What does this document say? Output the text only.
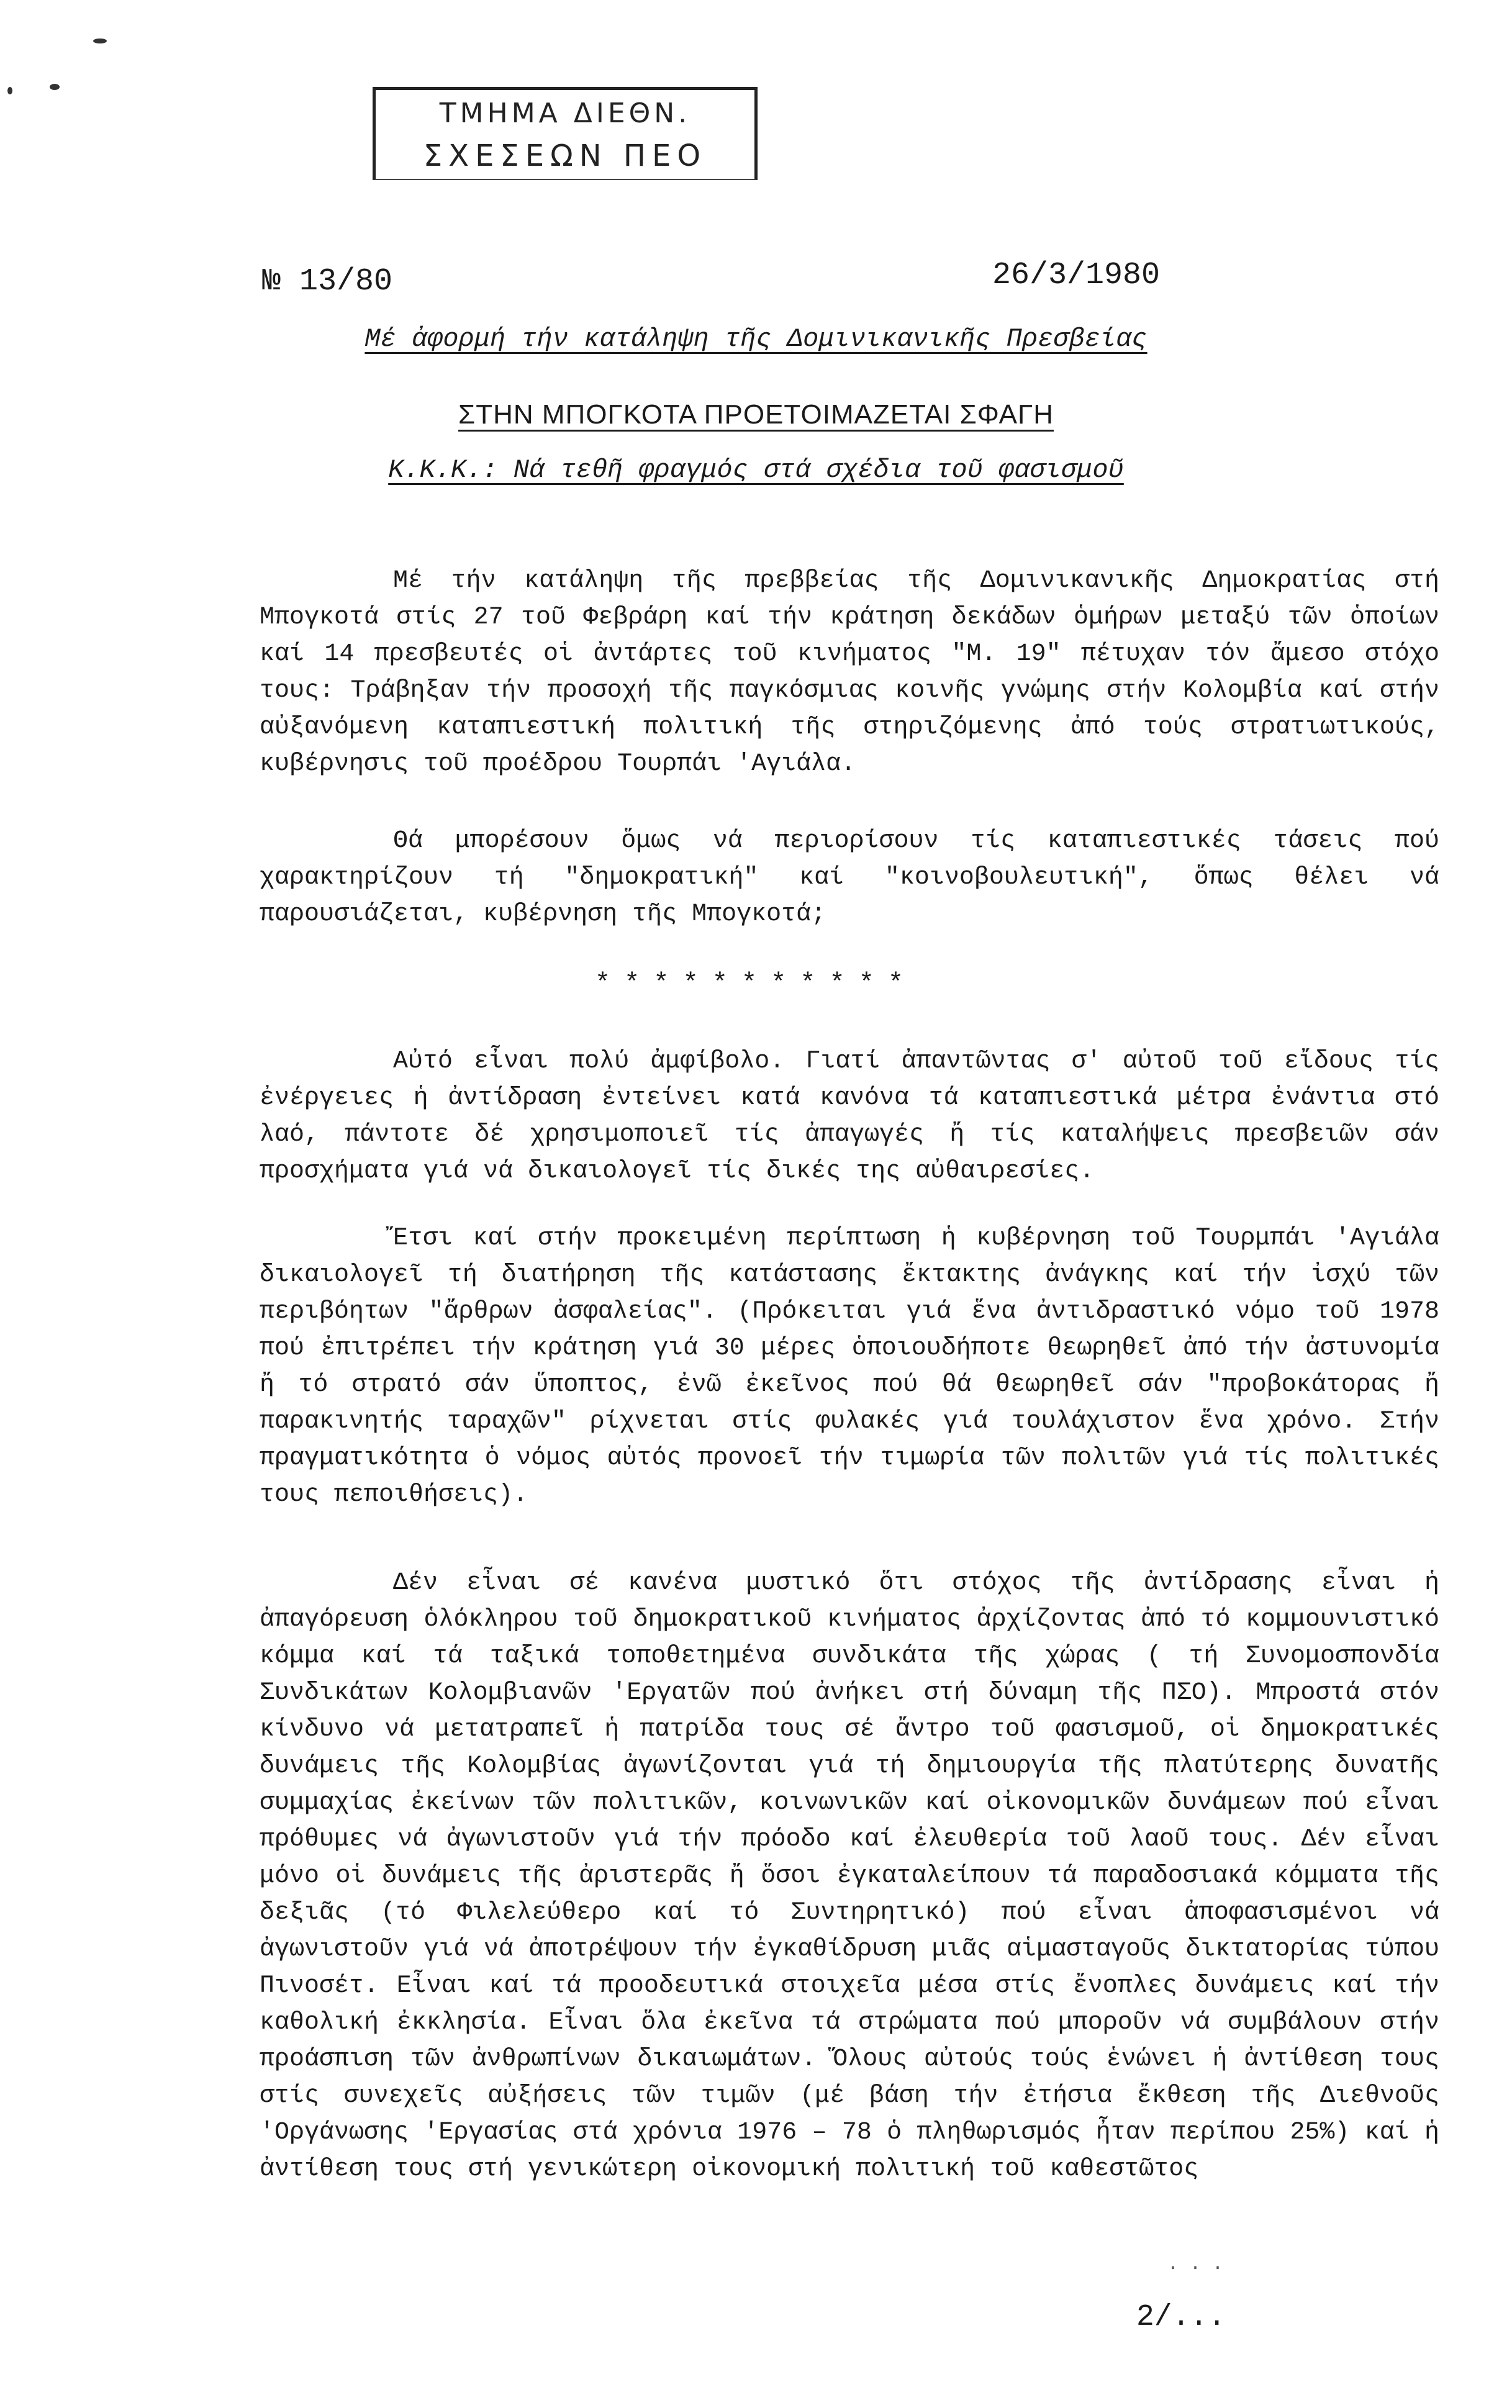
ΤΜΗΜΑ ΔΙΕΘΝ.
ΣΧΕΣΕΩΝ ΠΕΟ
№ 13/80	26/3/1980
Μέ ἀφορμή τήν κατάληψη τῆς Δομινικανικῆς Πρεσβείας
ΣΤΗΝ ΜΠΟΓΚΟΤΑ ΠΡΟΕΤΟΙΜΑΖΕΤΑΙ ΣΦΑΓΗ
Κ.Κ.Κ.: Νά τεθῆ φραγμός στά σχέδια τοῦ φασισμοῦ

Μέ τήν κατάληψη τῆς πρεββείας τῆς Δομινικανικῆς Δημοκρατίας στή Μπογκοτά στίς 27 τοῦ Φεβράρη καί τήν κράτηση δεκάδων ὁμήρων μεταξύ τῶν ὁποίων καί 14 πρεσβευτές οἱ ἀντάρτες τοῦ κινήματος "Μ. 19" πέτυχαν τόν ἄμεσο στόχο τους: Τράβηξαν τήν προσοχή τῆς παγκόσμιας κοινῆς γνώμης στήν Κολομβία καί στήν αὐξανόμενη καταπιεστική πολιτική τῆς στηριζόμενης ἀπό τούς στρατιωτικούς, κυβέρνησις τοῦ προέδρου Τουρπάι 'Αγιάλα.

Θά μπορέσουν ὅμως νά περιορίσουν τίς καταπιεστικές τάσεις πού χαρακτηρίζουν τή "δημοκρατική" καί "κοινοβουλευτική", ὅπως θέλει νά παρουσιάζεται, κυβέρνηση τῆς Μπογκοτά;

***********

Αὐτό εἶναι πολύ ἀμφίβολο. Γιατί ἀπαντῶντας σ' αὐτοῦ τοῦ εἴδους τίς ἐνέργειες ἡ ἀντίδραση ἐντείνει κατά κανόνα τά καταπιεστικά μέτρα ἐνάντια στό λαό, πάντοτε δέ χρησιμοποιεῖ τίς ἀπαγωγές ἤ τίς καταλήψεις πρεσβειῶν σάν προσχήματα γιά νά δικαιολογεῖ τίς δικές της αὐθαιρεσίες.

Ἔτσι καί στήν προκειμένη περίπτωση ἡ κυβέρνηση τοῦ Τουρμπάι 'Αγιάλα δικαιολογεῖ τή διατήρηση τῆς κατάστασης ἔκτακτης ἀνάγκης καί τήν ἰσχύ τῶν περιβόητων "ἄρθρων ἀσφαλείας". (Πρόκειται γιά ἕνα ἀντιδραστικό νόμο τοῦ 1978 πού ἐπιτρέπει τήν κράτηση γιά 30 μέρες ὁποιουδήποτε θεωρηθεῖ ἀπό τήν ἀστυνομία ἤ τό στρατό σάν ὕποπτος, ἐνῶ ἐκεῖνος πού θά θεωρηθεῖ σάν "προβοκάτορας ἤ παρακινητής ταραχῶν" ρίχνεται στίς φυλακές γιά τουλάχιστον ἕνα χρόνο. Στήν πραγματικότητα ὁ νόμος αὐτός προνοεῖ τήν τιμωρία τῶν πολιτῶν γιά τίς πολιτικές τους πεποιθήσεις).

Δέν εἶναι σέ κανένα μυστικό ὅτι στόχος τῆς ἀντίδρασης εἶναι ἡ ἀπαγόρευση ὁλόκληρου τοῦ δημοκρατικοῦ κινήματος ἀρχίζοντας ἀπό τό κομμουνιστικό κόμμα καί τά ταξικά τοποθετημένα συνδικάτα τῆς χώρας ( τή Συνομοσπονδία Συνδικάτων Κολομβιανῶν 'Εργατῶν πού ἀνήκει στή δύναμη τῆς ΠΣΟ). Μπροστά στόν κίνδυνο νά μετατραπεῖ ἡ πατρίδα τους σέ ἄντρο τοῦ φασισμοῦ, οἱ δημοκρατικές δυνάμεις τῆς Κολομβίας ἀγωνίζονται γιά τή δημιουργία τῆς πλατύτερης δυνατῆς συμμαχίας ἐκείνων τῶν πολιτικῶν, κοινωνικῶν καί οἰκονομικῶν δυνάμεων πού εἶναι πρόθυμες νά ἀγωνιστοῦν γιά τήν πρόοδο καί ἐλευθερία τοῦ λαοῦ τους. Δέν εἶναι μόνο οἱ δυνάμεις τῆς ἀριστερᾶς ἤ ὅσοι ἐγκαταλείπουν τά παραδοσιακά κόμματα τῆς δεξιᾶς (τό Φιλελεύθερο καί τό Συντηρητικό) πού εἶναι ἀποφασισμένοι νά ἀγωνιστοῦν γιά νά ἀποτρέψουν τήν ἐγκαθίδρυση μιᾶς αἱμασταγοῦς δικτατορίας τύπου Πινοσέτ. Εἶναι καί τά προοδευτικά στοιχεῖα μέσα στίς ἔνοπλες δυνάμεις καί τήν καθολική ἐκκλησία. Εἶναι ὅλα ἐκεῖνα τά στρώματα πού μποροῦν νά συμβάλουν στήν προάσπιση τῶν ἀνθρωπίνων δικαιωμάτων. Ὅλους αὐτούς τούς ἑνώνει ἡ ἀντίθεση τους στίς συνεχεῖς αὐξήσεις τῶν τιμῶν (μέ βάση τήν ἐτήσια ἔκθεση τῆς Διεθνοῦς 'Οργάνωσης 'Εργασίας στά χρόνια 1976 – 78 ὁ πληθωρισμός ἦταν περίπου 25%) καί ἡ ἀντίθεση τους στή γενικώτερη οἰκονομική πολιτική τοῦ καθεστῶτος

. . .
2/...
